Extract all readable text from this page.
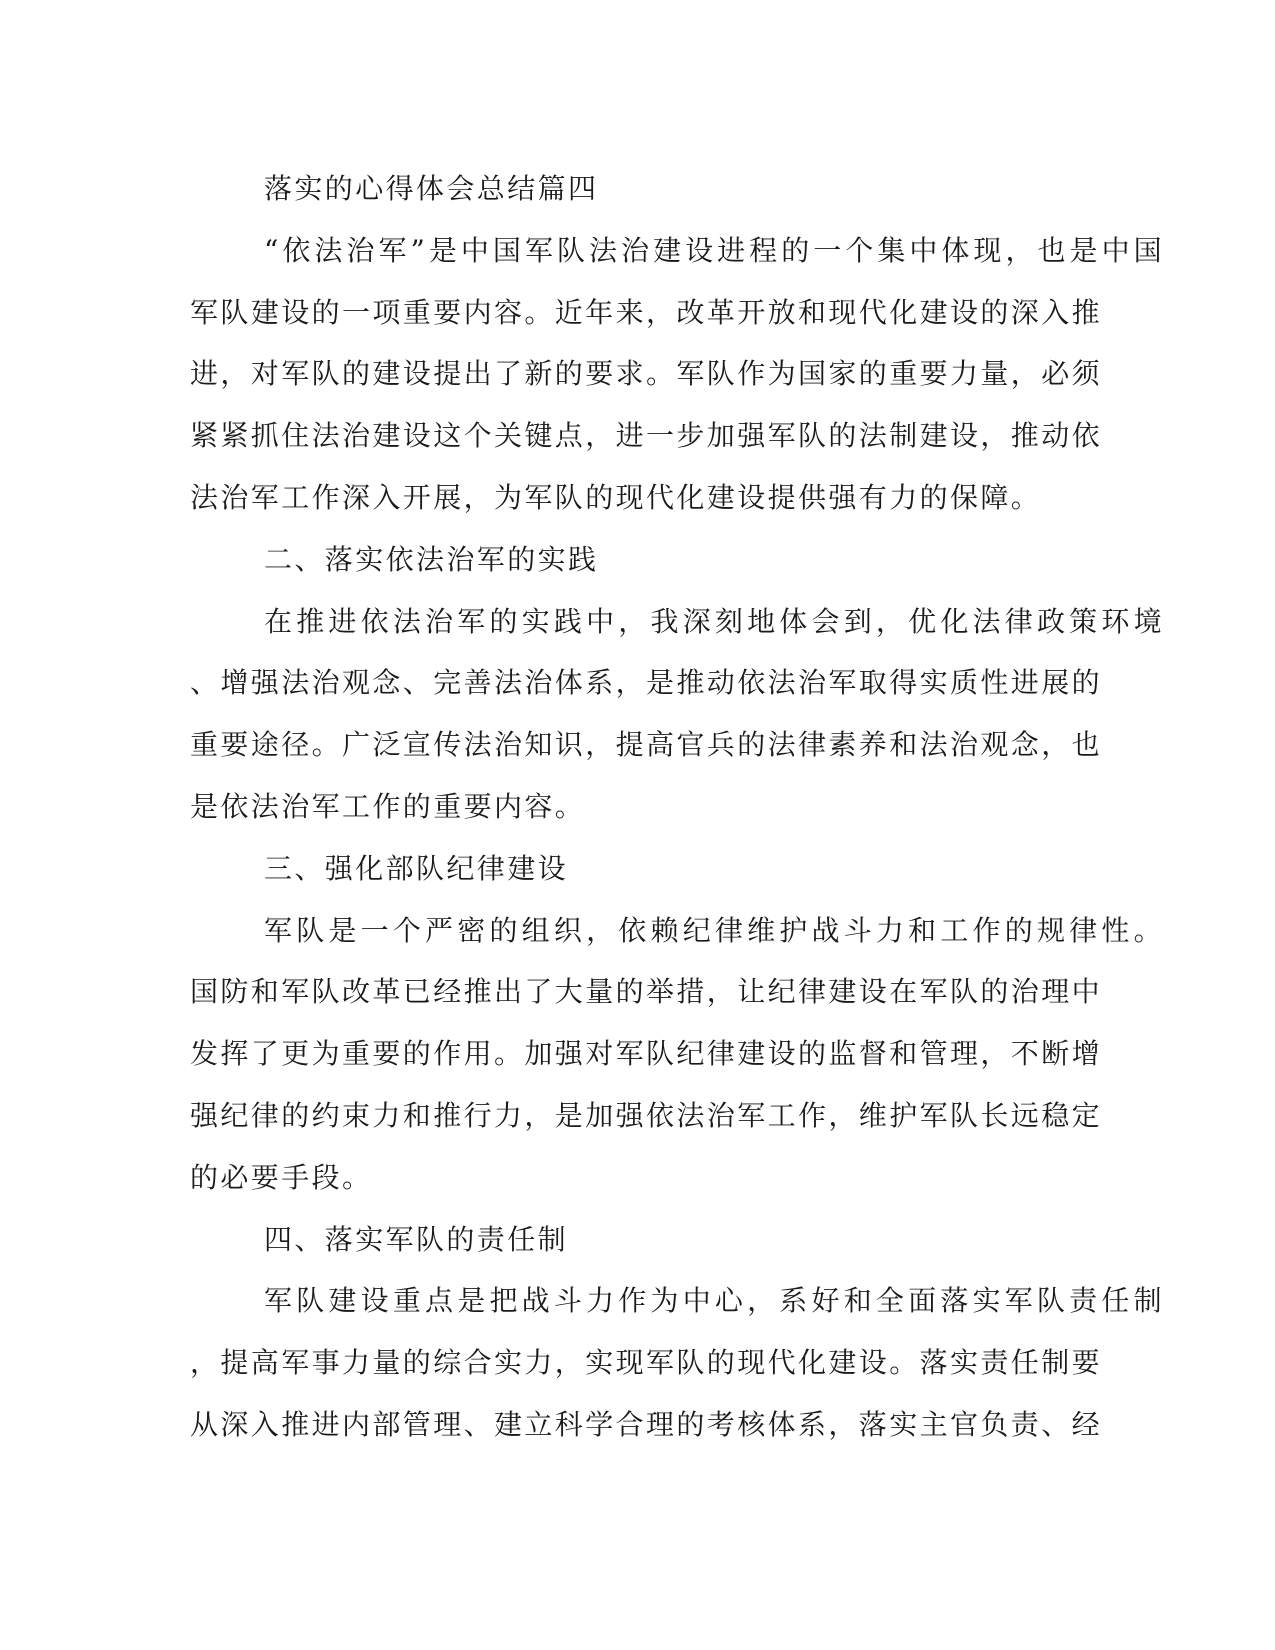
落实的心得体会总结篇四
“依法治军”是中国军队法治建设进程的一个集中体现，也是中国
军队建设的一项重要内容。近年来，改革开放和现代化建设的深入推
进，对军队的建设提出了新的要求。军队作为国家的重要力量，必须
紧紧抓住法治建设这个关键点，进一步加强军队的法制建设，推动依
法治军工作深入开展，为军队的现代化建设提供强有力的保障。
二、落实依法治军的实践
在推进依法治军的实践中，我深刻地体会到，优化法律政策环境
、增强法治观念、完善法治体系，是推动依法治军取得实质性进展的
重要途径。广泛宣传法治知识，提高官兵的法律素养和法治观念，也
是依法治军工作的重要内容。
三、强化部队纪律建设
军队是一个严密的组织，依赖纪律维护战斗力和工作的规律性。
国防和军队改革已经推出了大量的举措，让纪律建设在军队的治理中
发挥了更为重要的作用。加强对军队纪律建设的监督和管理，不断增
强纪律的约束力和推行力，是加强依法治军工作，维护军队长远稳定
的必要手段。
四、落实军队的责任制
军队建设重点是把战斗力作为中心，系好和全面落实军队责任制
，提高军事力量的综合实力，实现军队的现代化建设。落实责任制要
从深入推进内部管理、建立科学合理的考核体系，落实主官负责、经
